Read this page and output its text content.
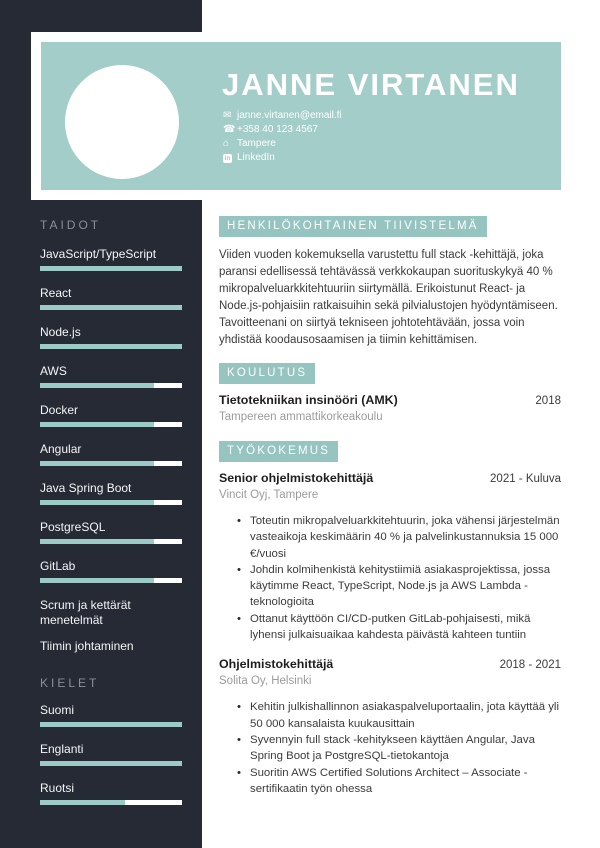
TAIDOT
JavaScript/TypeScript
React
Node.js
AWS
Docker
Angular
Java Spring Boot
PostgreSQL
GitLab
Scrum ja kettärät menetelmät
Tiimin johtaminen
KIELET
Suomi
Englanti
Ruotsi
JANNE VIRTANEN
✉ janne.virtanen@email.fi
☎ +358 40 123 4567
⌂ Tampere
in LinkedIn
HENKILÖKOHTAINEN TIIVISTELMÄ

Viiden vuoden kokemuksella varustettu full stack -kehittäjä, joka paransi edellisessä tehtävässä verkkokaupan suorituskykyä 40 % mikropalveluarkkitehtuuriin siirtymällä. Erikoistunut React- ja Node.js-pohjaisiin ratkaisuihin sekä pilvialustojen hyödyntämiseen. Tavoitteenani on siirtyä tekniseen johtotehtävään, jossa voin yhdistää koodausosaamisen ja tiimin kehittämisen.

KOULUTUS
Tietotekniikan insinööri (AMK)	2018
Tampereen ammattikorkeakoulu
TYÖKOKEMUS
Senior ohjelmistokehittäjä	2021 - Kuluva
Vincit Oyj, Tampere
• Toteutin mikropalveluarkkitehtuurin, joka vähensi järjestelmän vasteaikoja keskimäärin 40 % ja palvelinkustannuksia 15 000 €/vuosi
• Johdin kolmihenkistä kehitystiimiä asiakasprojektissa, jossa käytimme React, TypeScript, Node.js ja AWS Lambda -teknologioita
• Ottanut käyttöön CI/CD-putken GitLab-pohjaisesti, mikä lyhensi julkaisuaikaa kahdesta päivästä kahteen tuntiin
Ohjelmistokehittäjä	2018 - 2021
Solita Oy, Helsinki
• Kehitin julkishallinnon asiakaspalveluportaalin, jota käyttää yli 50 000 kansalaista kuukausittain
• Syvennyin full stack -kehitykseen käyttäen Angular, Java Spring Boot ja PostgreSQL-tietokantoja
• Suoritin AWS Certified Solutions Architect – Associate -sertifikaatin työn ohessa
